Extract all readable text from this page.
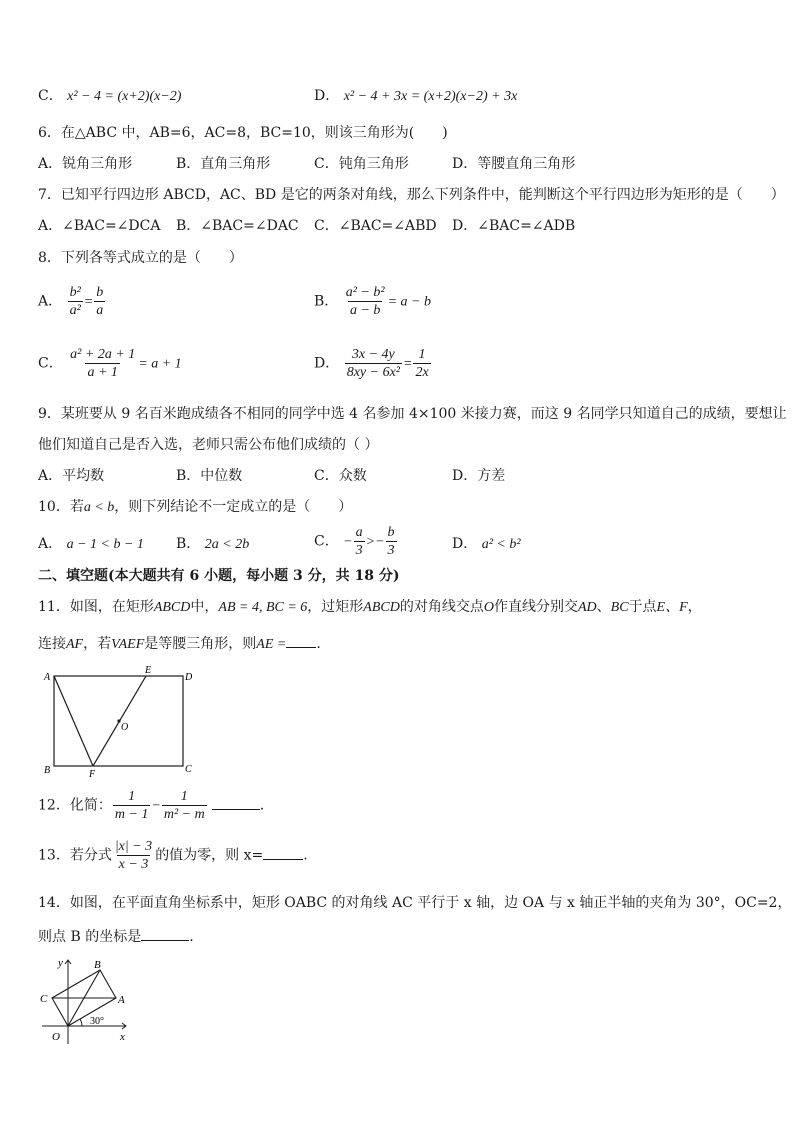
C． x² − 4 = (x+2)(x−2)	D． x² − 4 + 3x = (x+2)(x−2) + 3x
6．在△ABC 中，AB=6，AC=8，BC=10，则该三角形为(　　)
A．锐角三角形	B．直角三角形	C．钝角三角形	D．等腰直角三角形
7．已知平行四边形 ABCD，AC、BD 是它的两条对角线，那么下列条件中，能判断这个平行四边形为矩形的是（　　）
A．∠BAC=∠DCA B．∠BAC=∠DAC C．∠BAC=∠ABD D．∠BAC=∠ADB
8．下列各等式成立的是（　　）
A． $\frac{\text{b²}}{\text{a²}} = \frac{b}{a}$	B． $\frac{\text{a² − b²}}{a - b} = a - b$
C． $\frac{\text{a² + 2a + 1}}{a + 1} = a + 1$	D． $\frac{3x - 4y}{\text{8xy − 6x²}} = \frac{1}{2x}$
9．某班要从 9 名百米跑成绩各不相同的同学中选 4 名参加 4×100 米接力赛，而这 9 名同学只知道自己的成绩，要想让
他们知道自己是否入选，老师只需公布他们成绩的（ ）
A．平均数	B．中位数	C．众数	D．方差
10．若a < b，则下列结论不一定成立的是（　　）
A． a − 1 < b − 1 B． 2a < 2b	C． − $\frac{a}{3} >- \frac{b}{3}$	D． a² < b²
二、填空题(本大题共有 6 小题，每小题 3 分，共 18 分)
11．如图，在矩形ABCD中，AB = 4, BC = 6，过矩形ABCD的对角线交点O作直线分别交AD、BC于点E、F，
连接AF，若VAEF是等腰三角形，则AE = .
A
B	C
D
E
F
O
12．化简： $\frac{1}{m - 1} - \frac{1}{\text{m² − m}}$	.
13．若分式 $\frac{|x| - 3}{x - 3}$ 的值为零，则 x=	.
14．如图，在平面直角坐标系中，矩形 OABC 的对角线 AC 平行于 x 轴，边 OA 与 x 轴正半轴的夹角为 30°，OC=2，
则点 B 的坐标是	.
y
x
B
C	A
O
30°
